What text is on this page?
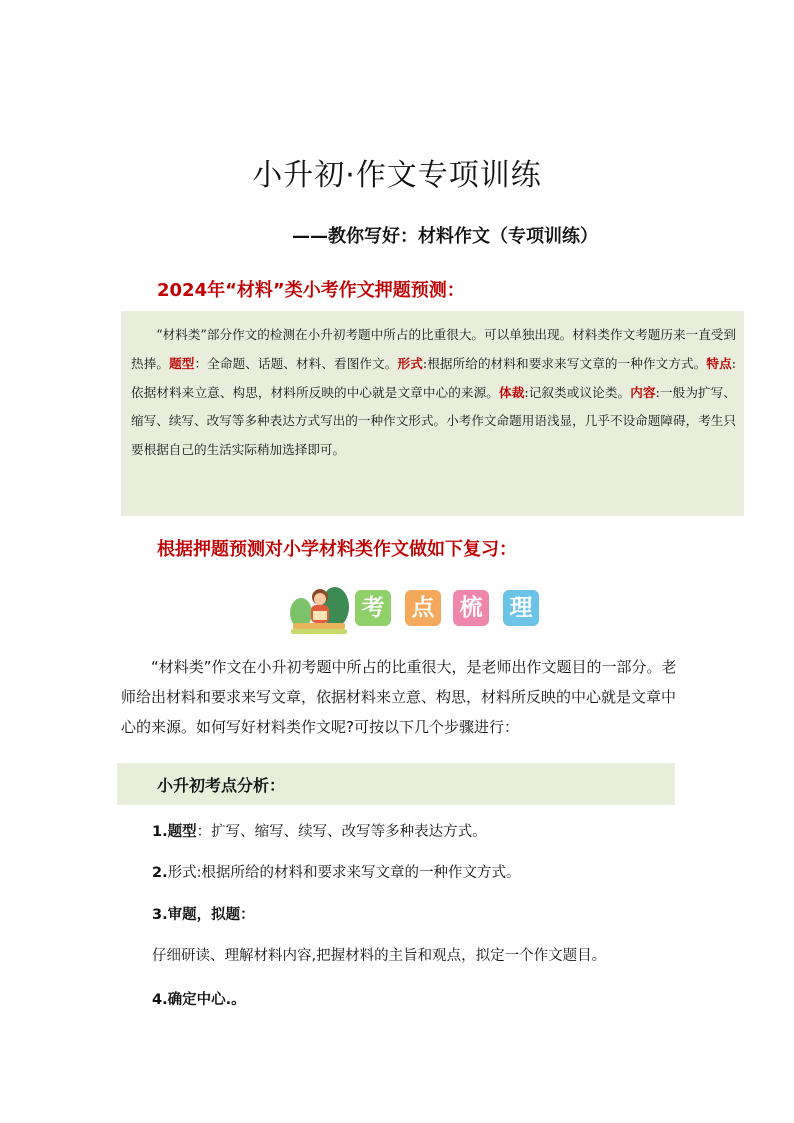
小升初·作文专项训练
——教你写好：材料作文（专项训练）
2024年“材料”类小考作文押题预测：

“材料类”部分作文的检测在小升初考题中所占的比重很大。可以单独出现。材料类作文考题历来一直受到热捧。题型：全命题、话题、材料、看图作文。形式:根据所给的材料和要求来写文章的一种作文方式。特点:依据材料来立意、构思，材料所反映的中心就是文章中心的来源。体裁:记叙类或议论类。内容:一般为扩写、缩写、续写、改写等多种表达方式写出的一种作文形式。小考作文命题用语浅显，几乎不设命题障碍，考生只要根据自己的生活实际稍加选择即可。

根据押题预测对小学材料类作文做如下复习：
考 点 梳 理

“材料类”作文在小升初考题中所占的比重很大，是老师出作文题目的一部分。老师给出材料和要求来写文章，依据材料来立意、构思，材料所反映的中心就是文章中心的来源。如何写好材料类作文呢?可按以下几个步骤进行：

小升初考点分析：
1.题型：扩写、缩写、续写、改写等多种表达方式。
2.形式:根据所给的材料和要求来写文章的一种作文方式。
3.审题，拟题：
仔细研读、理解材料内容,把握材料的主旨和观点，拟定一个作文题目。
4.确定中心.。
